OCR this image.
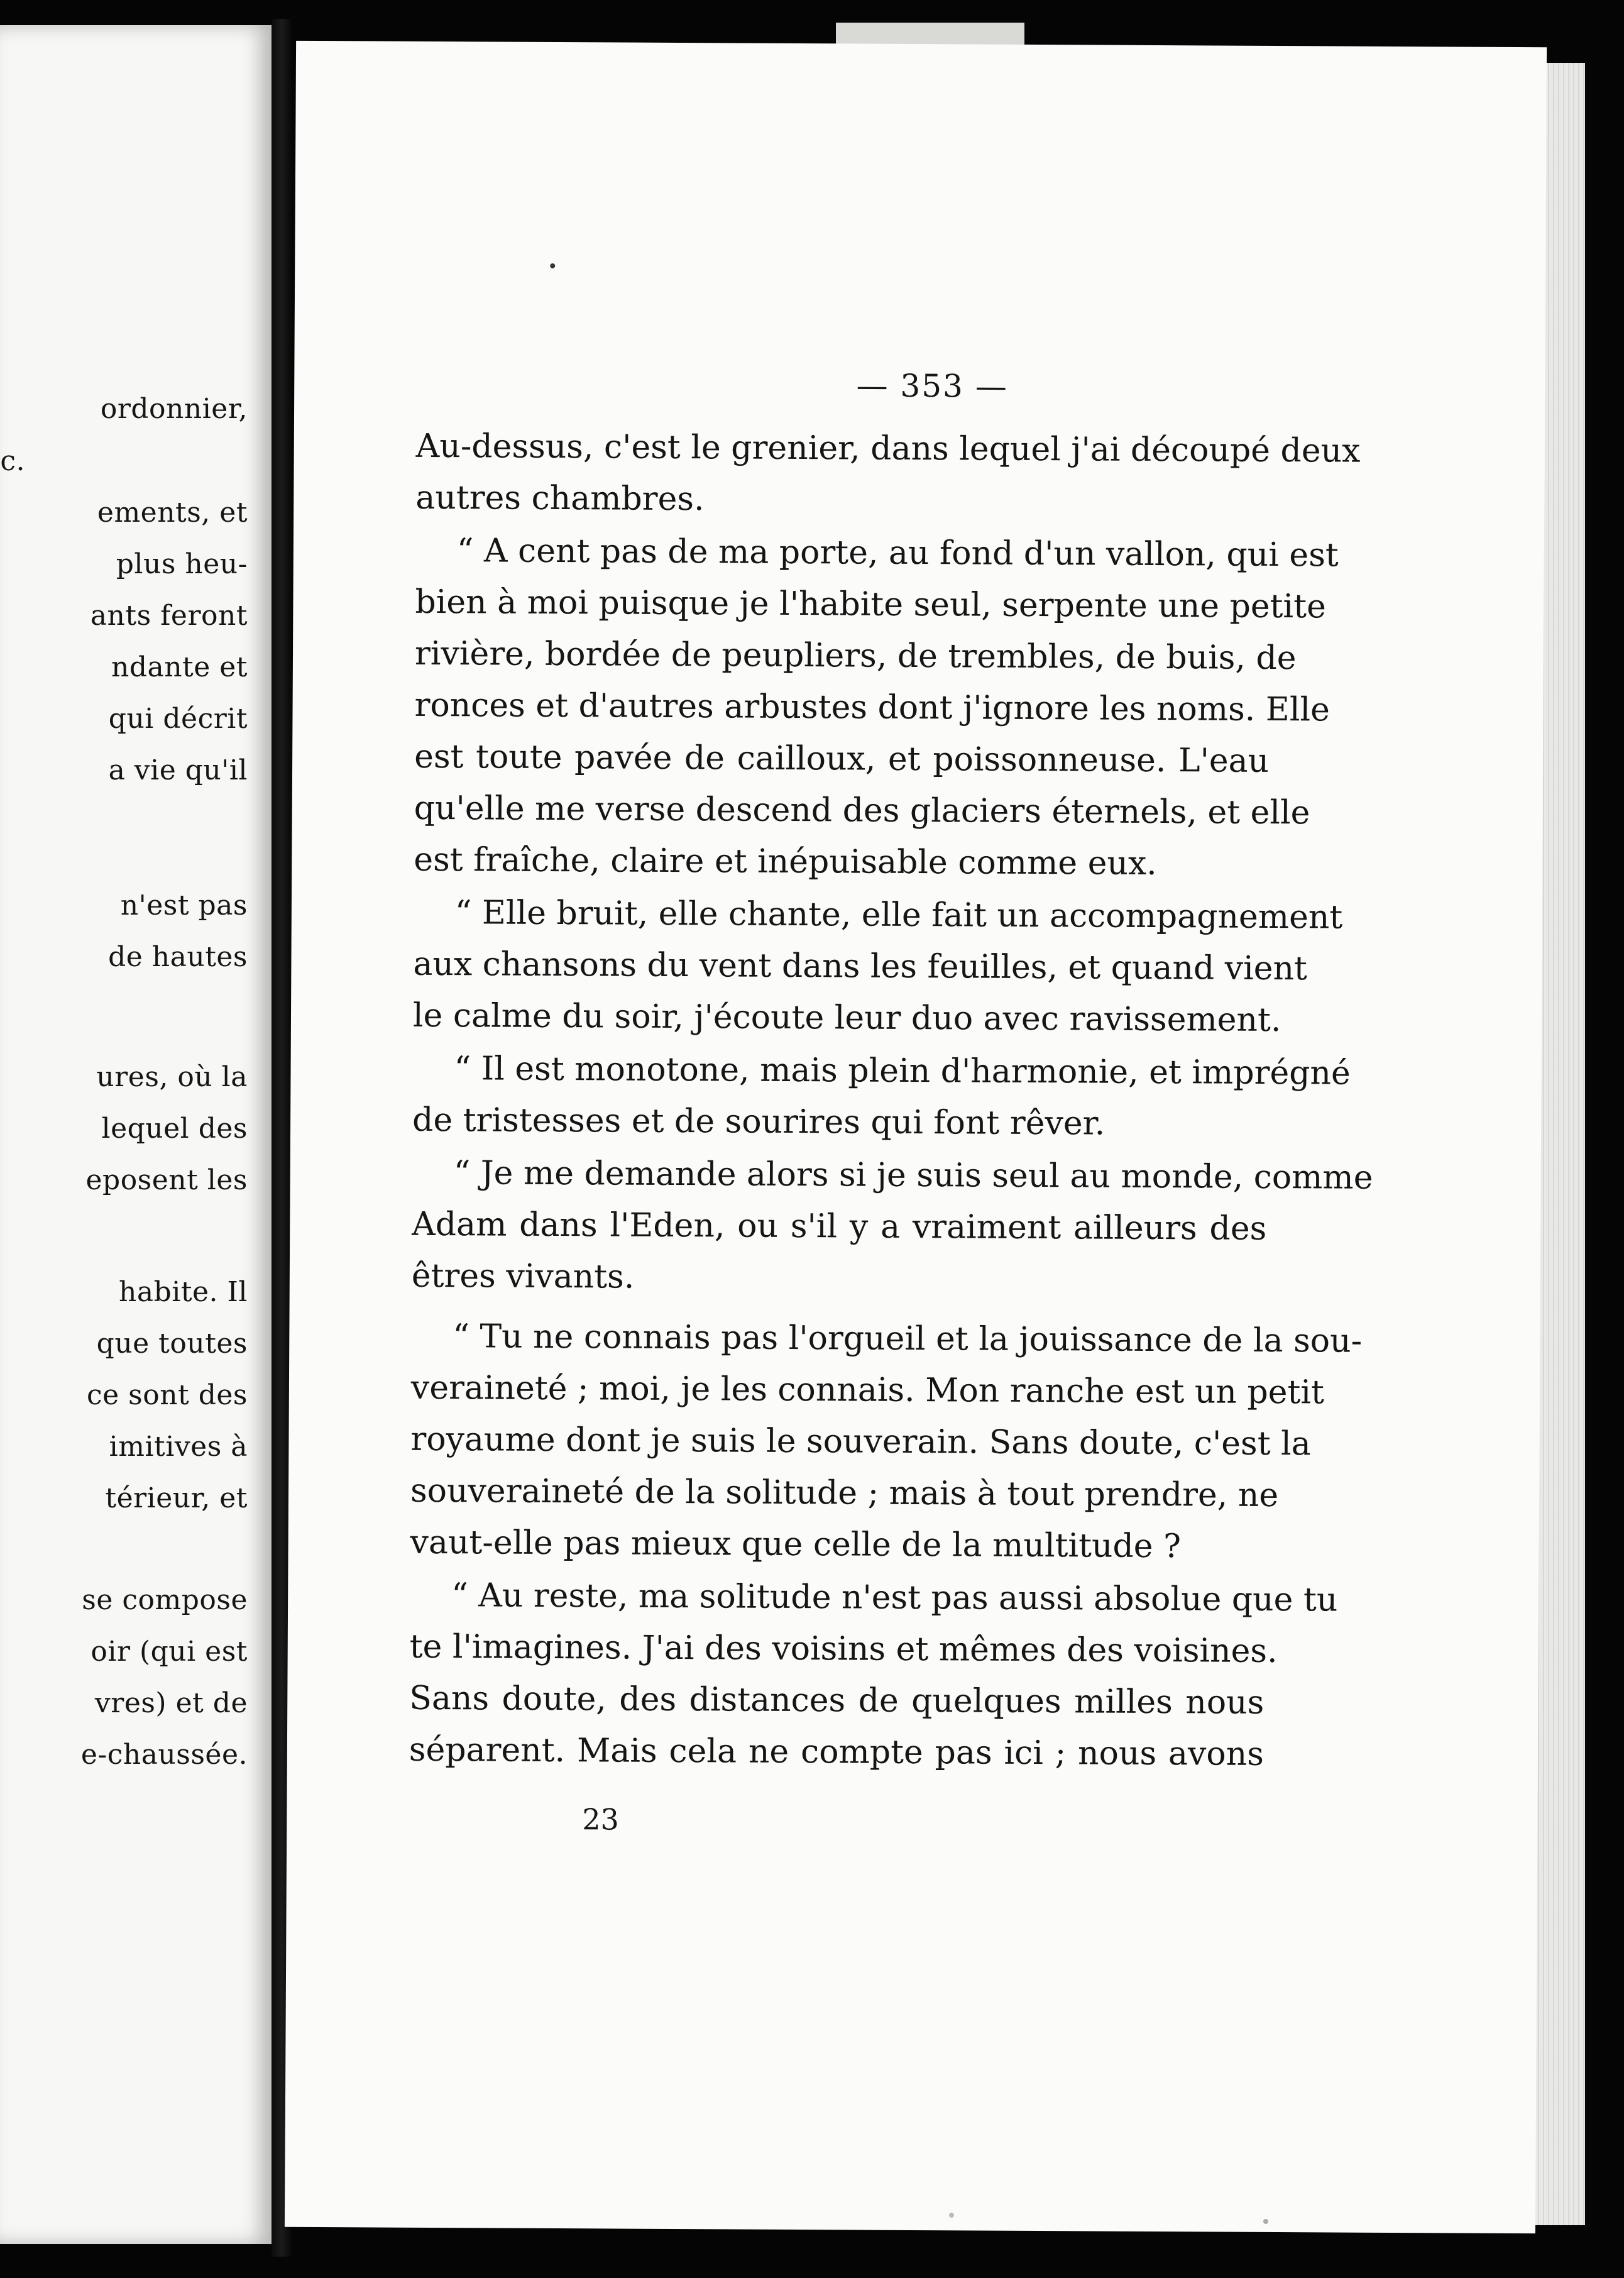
ordonnier,
c.
ements, et
plus heu-
ants feront
ndante et
qui décrit
a vie qu'il
n'est pas
de hautes
ures, où la
lequel des
eposent les
habite. Il
que toutes
ce sont des
imitives à
térieur, et
se compose
oir (qui est
vres) et de
e-chaussée.
— 353 —
Au-dessus, c'est le grenier, dans lequel j'ai découpé deux
autres chambres.
“ A cent pas de ma porte, au fond d'un vallon, qui est
bien à moi puisque je l'habite seul, serpente une petite
rivière, bordée de peupliers, de trembles, de buis, de
ronces et d'autres arbustes dont j'ignore les noms. Elle
est toute pavée de cailloux, et poissonneuse. L'eau
qu'elle me verse descend des glaciers éternels, et elle
est fraîche, claire et inépuisable comme eux.
“ Elle bruit, elle chante, elle fait un accompagnement
aux chansons du vent dans les feuilles, et quand vient
le calme du soir, j'écoute leur duo avec ravissement.
“ Il est monotone, mais plein d'harmonie, et imprégné
de tristesses et de sourires qui font rêver.
“ Je me demande alors si je suis seul au monde, comme
Adam dans l'Eden, ou s'il y a vraiment ailleurs des
êtres vivants.
“ Tu ne connais pas l'orgueil et la jouissance de la sou-
veraineté ; moi, je les connais. Mon ranche est un petit
royaume dont je suis le souverain. Sans doute, c'est la
souveraineté de la solitude ; mais à tout prendre, ne
vaut-elle pas mieux que celle de la multitude ?
“ Au reste, ma solitude n'est pas aussi absolue que tu
te l'imagines. J'ai des voisins et mêmes des voisines.
Sans doute, des distances de quelques milles nous
séparent. Mais cela ne compte pas ici ; nous avons
23
